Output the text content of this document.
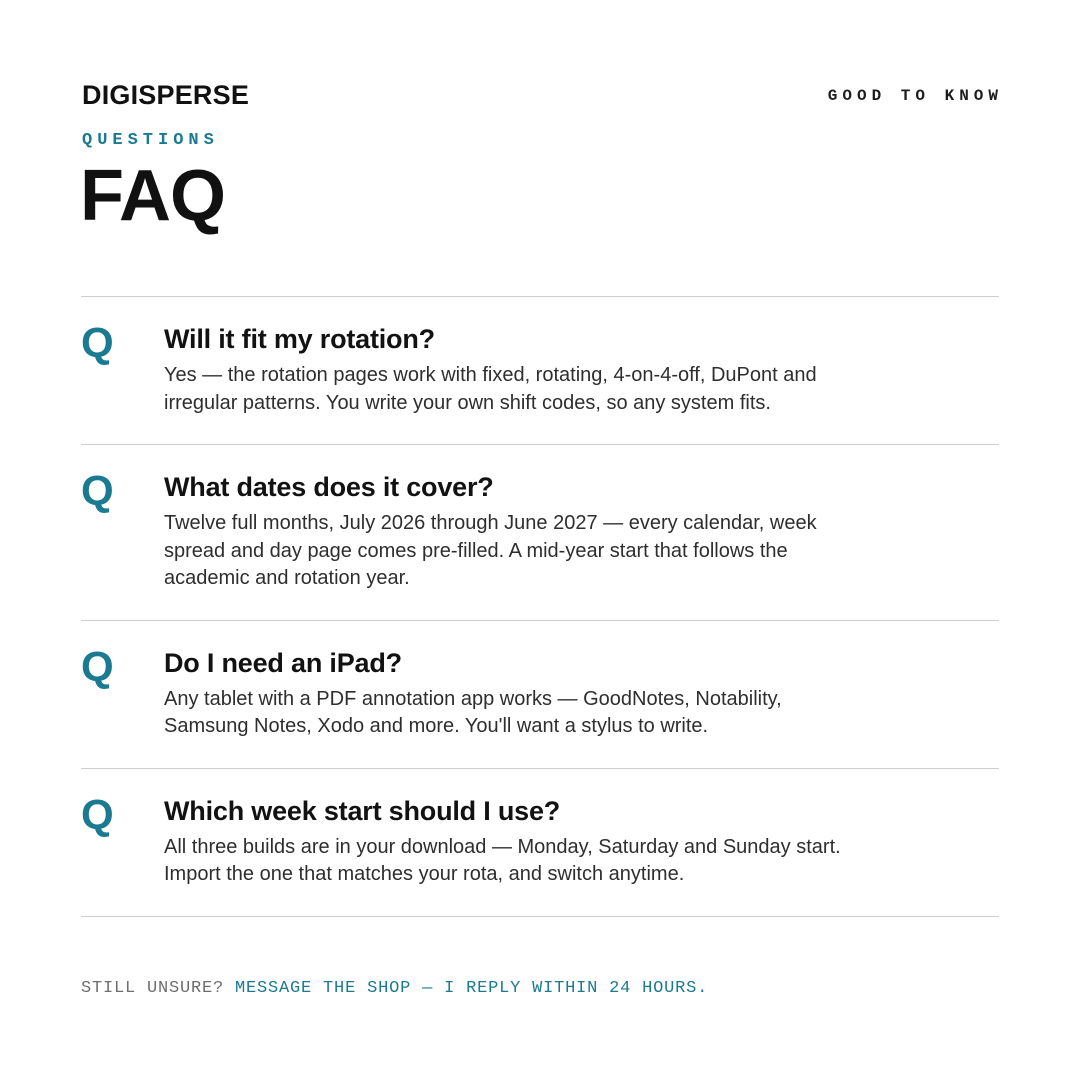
DIGISPERSE	GOOD TO KNOW
QUESTIONS
FAQ
Q Will it fit my rotation?

Yes — the rotation pages work with fixed, rotating, 4-on-4-off, DuPont and irregular patterns. You write your own shift codes, so any system fits.

Q What dates does it cover?

Twelve full months, July 2026 through June 2027 — every calendar, week spread and day page comes pre-filled. A mid-year start that follows the academic and rotation year.

Q Do I need an iPad?

Any tablet with a PDF annotation app works — GoodNotes, Notability, Samsung Notes, Xodo and more. You'll want a stylus to write.

Q Which week start should I use?

All three builds are in your download — Monday, Saturday and Sunday start. Import the one that matches your rota, and switch anytime.

STILL UNSURE? MESSAGE THE SHOP — I REPLY WITHIN 24 HOURS.
